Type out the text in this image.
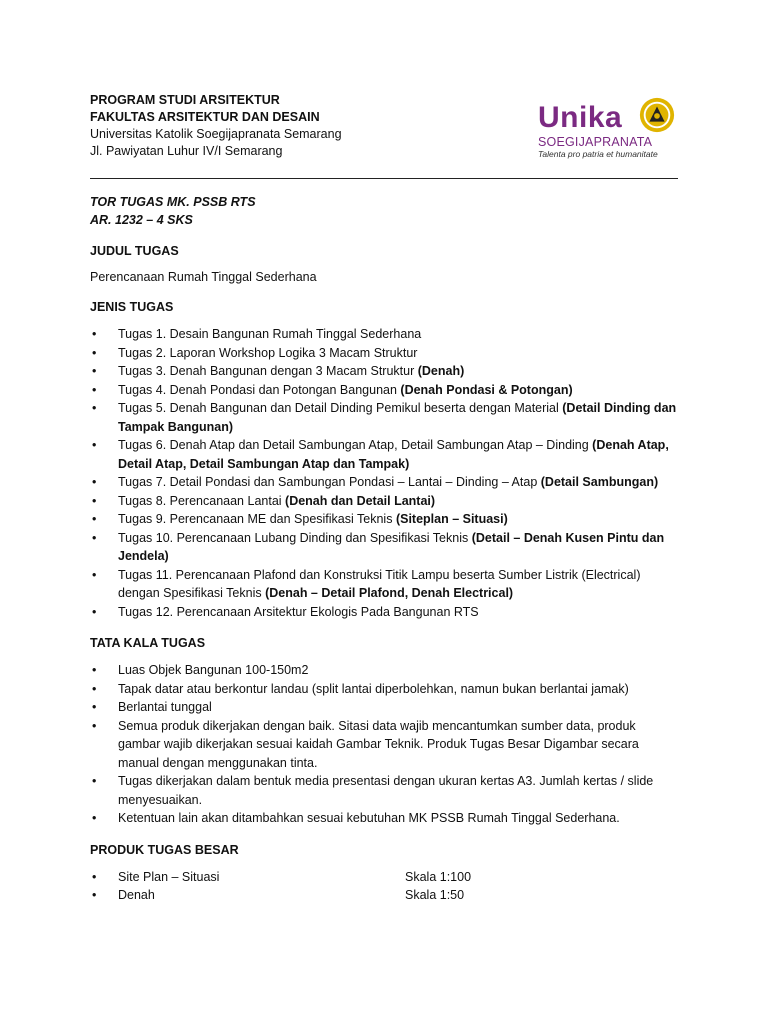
PROGRAM STUDI ARSITEKTUR
FAKULTAS ARSITEKTUR DAN DESAIN
Universitas Katolik Soegijapranata Semarang
Jl. Pawiyatan Luhur IV/I Semarang
Unika
SOEGIJAPRANATA
Talenta pro patria et humanitate
TOR TUGAS MK. PSSB RTS
AR. 1232 – 4 SKS
JUDUL TUGAS

Perencanaan Rumah Tinggal Sederhana

JENIS TUGAS
• Tugas 1. Desain Bangunan Rumah Tinggal Sederhana
• Tugas 2. Laporan Workshop Logika 3 Macam Struktur
• Tugas 3. Denah Bangunan dengan 3 Macam Struktur (Denah)
• Tugas 4. Denah Pondasi dan Potongan Bangunan (Denah Pondasi & Potongan)
• Tugas 5. Denah Bangunan dan Detail Dinding Pemikul beserta dengan Material (Detail Dinding dan Tampak Bangunan)
• Tugas 6. Denah Atap dan Detail Sambungan Atap, Detail Sambungan Atap – Dinding (Denah Atap, Detail Atap, Detail Sambungan Atap dan Tampak)
• Tugas 7. Detail Pondasi dan Sambungan Pondasi – Lantai – Dinding – Atap (Detail Sambungan)
• Tugas 8. Perencanaan Lantai (Denah dan Detail Lantai)
• Tugas 9. Perencanaan ME dan Spesifikasi Teknis (Siteplan – Situasi)
• Tugas 10. Perencanaan Lubang Dinding dan Spesifikasi Teknis (Detail – Denah Kusen Pintu dan Jendela)
• Tugas 11. Perencanaan Plafond dan Konstruksi Titik Lampu beserta Sumber Listrik (Electrical) dengan Spesifikasi Teknis (Denah – Detail Plafond, Denah Electrical)
• Tugas 12. Perencanaan Arsitektur Ekologis Pada Bangunan RTS
TATA KALA TUGAS
• Luas Objek Bangunan 100-150m2
• Tapak datar atau berkontur landau (split lantai diperbolehkan, namun bukan berlantai jamak)
• Berlantai tunggal
• Semua produk dikerjakan dengan baik. Sitasi data wajib mencantumkan sumber data, produk gambar wajib dikerjakan sesuai kaidah Gambar Teknik. Produk Tugas Besar Digambar secara manual dengan menggunakan tinta.
• Tugas dikerjakan dalam bentuk media presentasi dengan ukuran kertas A3. Jumlah kertas / slide menyesuaikan.
• Ketentuan lain akan ditambahkan sesuai kebutuhan MK PSSB Rumah Tinggal Sederhana.
PRODUK TUGAS BESAR
• Site Plan – Situasi	Skala 1:100
• Denah	Skala 1:50
